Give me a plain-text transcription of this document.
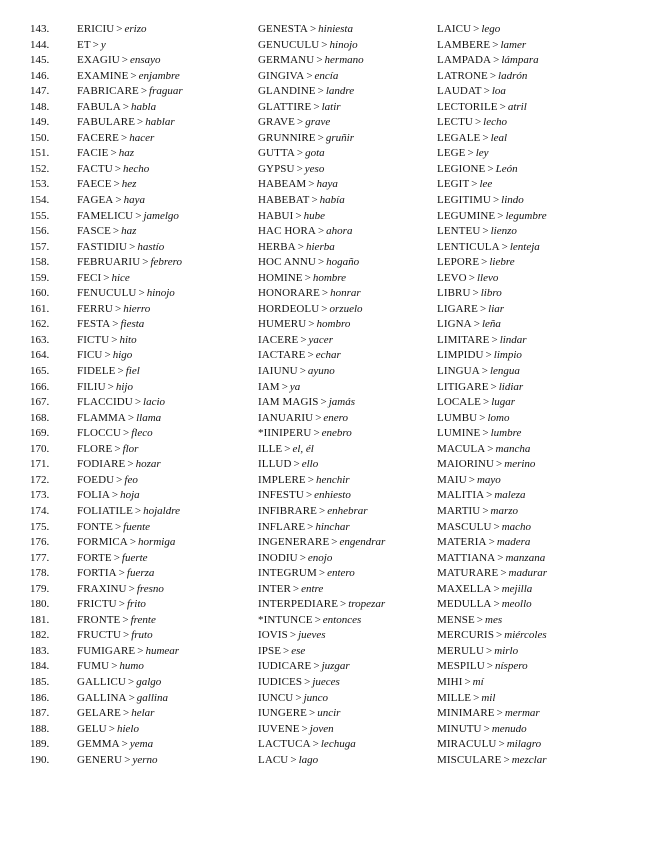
143.	ERICIU > erizo
144.	ET > y
145.	EXAGIU > ensayo
146.	EXAMINE > enjambre
147.	FABRICARE > fraguar
148.	FABULA > habla
149.	FABULARE > hablar
150.	FACERE > hacer
151.	FACIE > haz
152.	FACTU > hecho
153.	FAECE > hez
154.	FAGEA > haya
155.	FAMELICU > jamelgo
156.	FASCE > haz
157.	FASTIDIU > hastío
158.	FEBRUARIU > febrero
159.	FECI > hice
160.	FENUCULU > hinojo
161.	FERRU > hierro
162.	FESTA > fiesta
163.	FICTU > hito
164.	FICU > higo
165.	FIDELE > fiel
166.	FILIU > hijo
167.	FLACCIDU > lacio
168.	FLAMMA > llama
169.	FLOCCU > fleco
170.	FLORE > flor
171.	FODIARE > hozar
172.	FOEDU > feo
173.	FOLIA > hoja
174.	FOLIATILE > hojaldre
175.	FONTE > fuente
176.	FORMICA > hormiga
177.	FORTE > fuerte
178.	FORTIA > fuerza
179.	FRAXINU > fresno
180.	FRICTU > frito
181.	FRONTE > frente
182.	FRUCTU > fruto
183.	FUMIGARE > humear
184.	FUMU > humo
185.	GALLICU > galgo
186.	GALLINA > gallina
187.	GELARE > helar
188.	GELU > hielo
189.	GEMMA > yema
190.	GENERU > yerno
GENESTA > hiniesta
GENUCULU > hinojo
GERMANU > hermano
GINGIVA > encía
GLANDINE > landre
GLATTIRE > latir
GRAVE > grave
GRUNNIRE > gruñir
GUTTA > gota
GYPSU > yeso
HABEAM > haya
HABEBAT > había
HABUI > hube
HAC HORA > ahora
HERBA > hierba
HOC ANNU > hogaño
HOMINE > hombre
HONORARE > honrar
HORDEOLU > orzuelo
HUMERU > hombro
IACERE > yacer
IACTARE > echar
IAIUNU > ayuno
IAM > ya
IAM MAGIS > jamás
IANUARIU > enero
*IINIPERU > enebro
ILLE > el, él
ILLUD > ello
IMPLERE > henchir
INFESTU > enhiesto
INFIBRARE > enhebrar
INFLARE > hinchar
INGENERARE > engendrar
INODIU > enojo
INTEGRUM > entero
INTER > entre
INTERPEDIARE > tropezar
*INTUNCE > entonces
IOVIS > jueves
IPSE > ese
IUDICARE > juzgar
IUDICES > jueces
IUNCU > junco
IUNGERE > uncir
IUVENE > joven
LACTUCA > lechuga
LACU > lago
LAICU > lego
LAMBERE > lamer
LAMPADA > lámpara
LATRONE > ladrón
LAUDAT > loa
LECTORILE > atril
LECTU > lecho
LEGALE > leal
LEGE > ley
LEGIONE > León
LEGIT > lee
LEGITIMU > lindo
LEGUMINE > legumbre
LENTEU > lienzo
LENTICULA > lenteja
LEPORE > liebre
LEVO > llevo
LIBRU > libro
LIGARE > liar
LIGNA > leña
LIMITARE > lindar
LIMPIDU > limpio
LINGUA > lengua
LITIGARE > lidiar
LOCALE > lugar
LUMBU > lomo
LUMINE > lumbre
MACULA > mancha
MAIORINU > merino
MAIU > mayo
MALITIA > maleza
MARTIU > marzo
MASCULU > macho
MATERIA > madera
MATTIANA > manzana
MATURARE > madurar
MAXELLA > mejilla
MEDULLA > meollo
MENSE > mes
MERCURIS > miércoles
MERULU > mirlo
MESPILU > níspero
MIHI > mí
MILLE > mil
MINIMARE > mermar
MINUTU > menudo
MIRACULU > milagro
MISCULARE > mezclar
